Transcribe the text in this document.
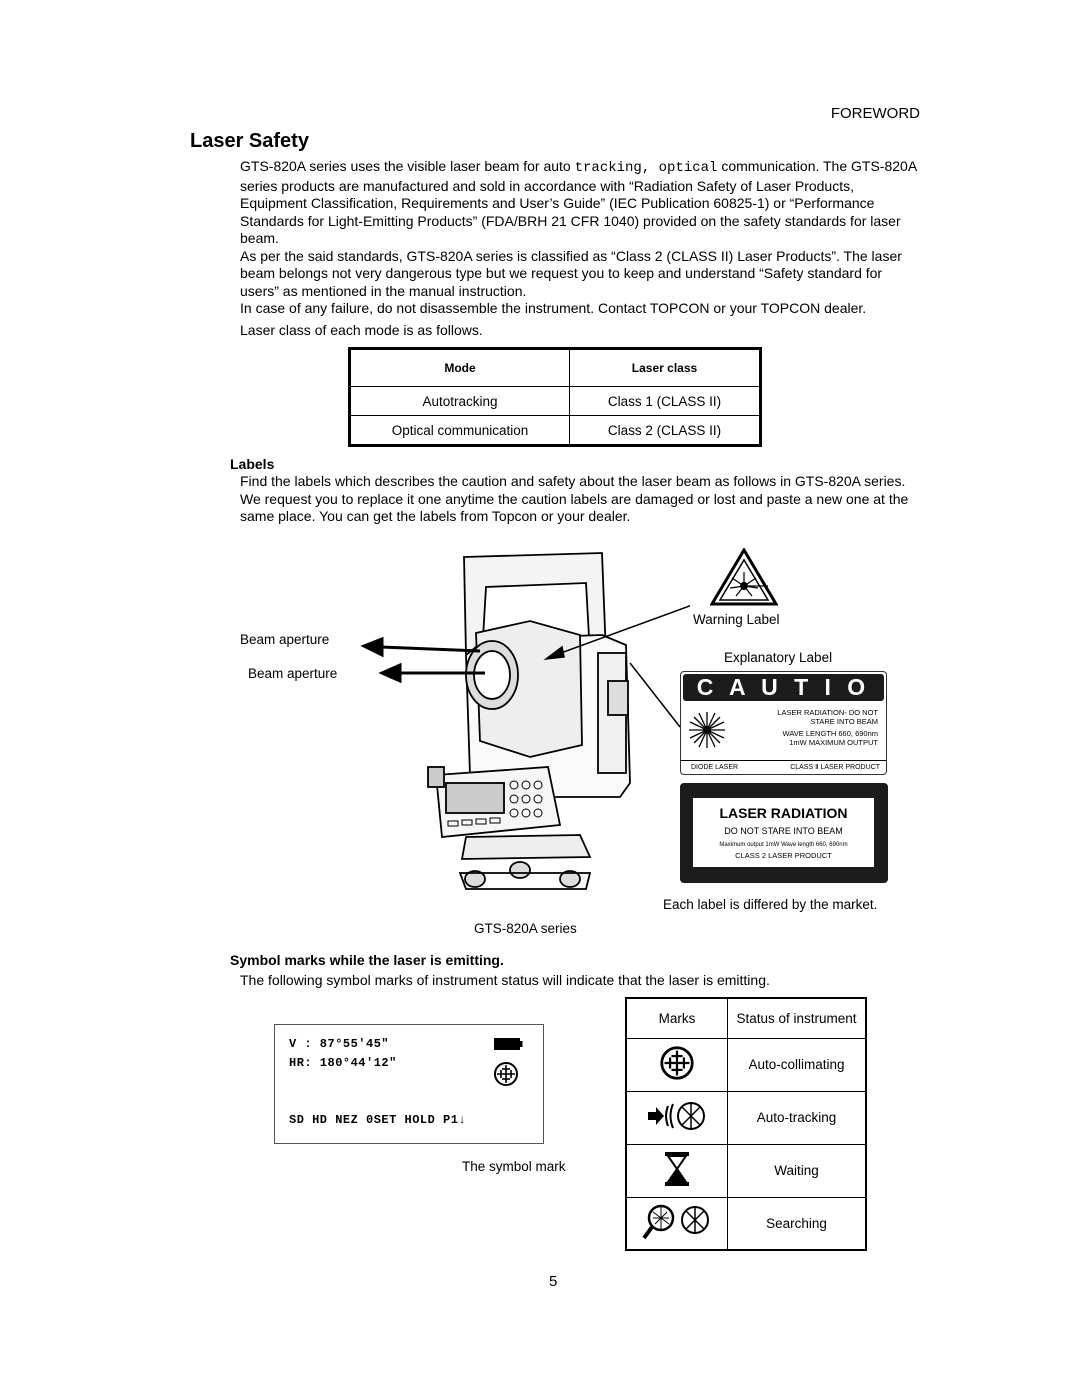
FOREWORD
Laser Safety

GTS-820A series uses the visible laser beam for auto tracking, optical communication. The GTS-820A series products are manufactured and sold in accordance with “Radiation Safety of Laser Products, Equipment Classification, Requirements and User’s Guide” (IEC Publication 60825-1) or “Performance Standards for Light-Emitting Products” (FDA/BRH 21 CFR 1040) provided on the safety standards for laser beam.

As per the said standards, GTS-820A series is classified as “Class 2 (CLASS II) Laser Products”. The laser beam belongs not very dangerous type but we request you to keep and understand “Safety standard for users” as mentioned in the manual instruction.

In case of any failure, do not disassemble the instrument. Contact TOPCON or your TOPCON dealer.

Laser class of each mode is as follows.

Mode	Laser class
Autotracking	Class 1 (CLASS II)
Optical communication	Class 2 (CLASS II)
Labels

Find the labels which describes the caution and safety about the laser beam as follows in GTS-820A series.

We request you to replace it one anytime the caution labels are damaged or lost and paste a new one at the same place. You can get the labels from Topcon or your dealer.

Beam aperture
Beam aperture
Warning Label
Explanatory Label
C A U T I O N
LASER RADIATION- DO NOT
STARE INTO BEAM
WAVE LENGTH 660, 690nm
1mW MAXIMUM OUTPUT
DIODE LASER	CLASS Ⅱ LASER PRODUCT

LASER RADIATION
DO NOT STARE INTO BEAM
Maximum output 1mW Wave length 660, 690nm
CLASS 2 LASER PRODUCT
Each label is differed by the market.
GTS-820A series
Symbol marks while the laser is emitting.
The following symbol marks of instrument status will indicate that the laser is emitting.
V : 87°55'45"
HR: 180°44'12"
SD HD NEZ 0SET HOLD P1↓
The symbol mark
Marks	Status of instrument
	Auto-collimating
	Auto-tracking
	Waiting
	Searching
5
